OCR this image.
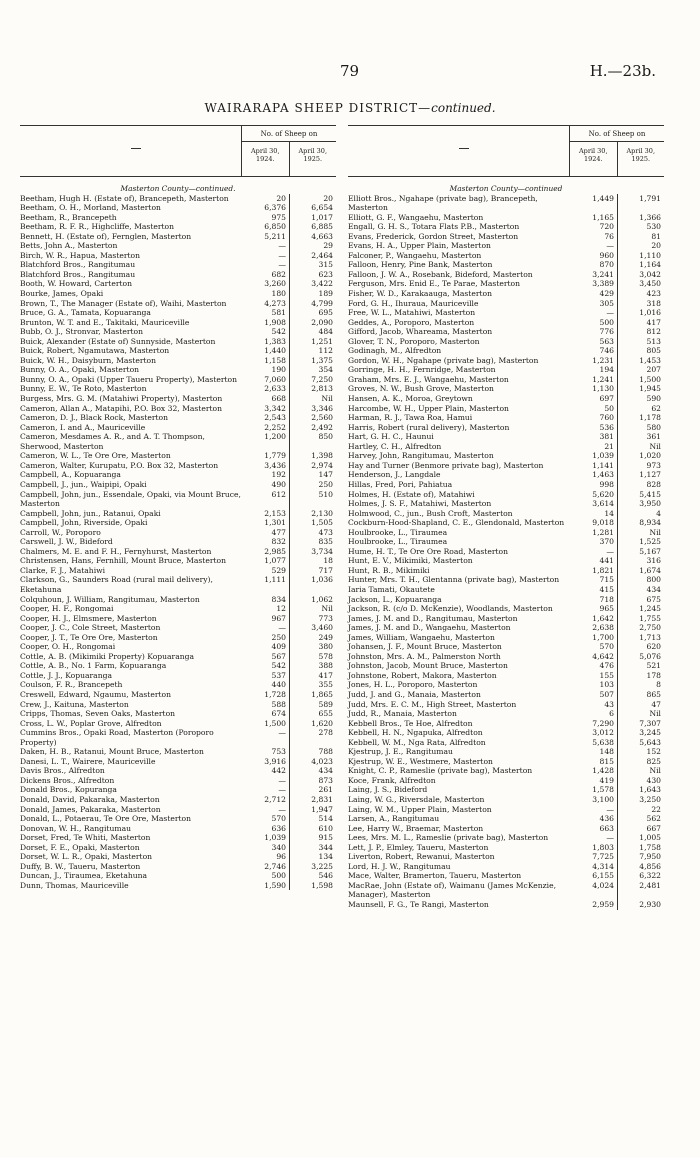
79	H.—23b.
WAIRARAPA SHEEP DISTRICT—continued.
No. of Sheep on
April 30, 1924.
April 30, 1925.
Masterton County—continued.
Beetham, Hugh H. (Estate of), Brancepeth, Masterton	20	20
Beetham, O. H., Morland, Masterton	6,376	6,654
Beetham, R., Brancepeth	975	1,017
Beetham, R. F. R., Highcliffe, Masterton	6,850	6,885
Bennett, H. (Estate of), Fernglen, Masterton	5,211	4,663
Betts, John A., Masterton	—	29
Birch, W. R., Hapua, Masterton	—	2,464
Blatchford Bros., Rangitumau	—	315
Blatchford Bros., Rangitumau	682	623
Booth, W. Howard, Carterton	3,260	3,422
Bourke, James, Opaki	180	189
Brown, T., The Manager (Estate of), Waihi, Masterton	4,273	4,799
Bruce, G. A., Tamata, Kopuaranga	581	695
Brunton, W. T. and E., Takitaki, Mauriceville	1,908	2,090
Bubb, O. J., Stronvar, Masterton	542	484
Buick, Alexander (Estate of) Sunnyside, Masterton	1,383	1,251
Buick, Robert, Ngamutawa, Masterton	1,440	112
Buick, W. H., Daisyburn, Masterton	1,158	1,375
Bunny, O. A., Opaki, Masterton	190	354
Bunny, O. A., Opaki (Upper Taueru Property), Masterton	7,060	7,250
Bunny, E. W., Te Roto, Masterton	2,633	2,813
Burgess, Mrs. G. M. (Matahiwi Property), Masterton	668	Nil
Cameron, Allan A., Matapihi, P.O. Box 32, Masterton	3,342	3,346
Cameron, D. J., Black Rock, Masterton	2,543	2,560
Cameron, I. and A., Mauriceville	2,252	2,492
Cameron, Mesdames A. R., and A. T. Thompson, Sherwood, Masterton
1,200	850
Cameron, W. L., Te Ore Ore, Masterton	1,779	1,398
Cameron, Walter, Kurupatu, P.O. Box 32, Masterton	3,436	2,974
Campbell, A., Kopuaranga	192	147
Campbell, J., jun., Waipipi, Opaki	490	250
Campbell, John, jun., Essendale, Opaki, via Mount Bruce, Masterton
612	510
Campbell, John, jun., Ratanui, Opaki	2,153	2,130
Campbell, John, Riverside, Opaki	1,301	1,505
Carroll, W., Poroporo	477	473
Carswell, J. W., Bideford	832	835
Chalmers, M. E. and F. H., Fernyhurst, Masterton	2,985	3,734
Christensen, Hans, Fernhill, Mount Bruce, Masterton	1,077	18
Clarke, F. J., Matahiwi	529	717
Clarkson, G., Saunders Road (rural mail delivery), Eketahuna
1,111	1,036
Colquhoun, J. William, Rangitumau, Masterton	834	1,062
Cooper, H. F., Rongomai	12	Nil
Cooper, H. J., Elmsmere, Masterton	967	773
Cooper, J. C., Cole Street, Masterton	—	3,460
Cooper, J. T., Te Ore Ore, Masterton	250	249
Cooper, O. H., Rongomai	409	380
Cottle, A. B. (Mikimiki Property) Kopuaranga	567	578
Cottle, A. B., No. 1 Farm, Kopuaranga	542	388
Cottle, J. J., Kopuaranga	537	417
Coulson, F. R., Brancepeth	440	355
Creswell, Edward, Ngaumu, Masterton	1,728	1,865
Crew, J., Kaituna, Masterton	588	589
Cripps, Thomas, Seven Oaks, Masterton	674	655
Cross, L. W., Poplar Grove, Alfredton	1,500	1,620
Cummins Bros., Opaki Road, Masterton (Poroporo Property)
—	278
Daken, H. B., Ratanui, Mount Bruce, Masterton	753	788
Danesi, L. T., Wairere, Mauriceville	3,916	4,023
Davis Bros., Alfredton	442	434
Dickens Bros., Alfredton	—	873
Donald Bros., Kopuranga	—	261
Donald, David, Pakaraka, Masterton	2,712	2,831
Donald, James, Pakaraka, Masterton	—	1,947
Donald, L., Potaerau, Te Ore Ore, Masterton	570	514
Donovan, W. H., Rangitumau	636	610
Dorset, Fred, Te Whiti, Masterton	1,039	915
Dorset, F. E., Opaki, Masterton	340	344
Dorset, W. L. R., Opaki, Masterton	96	134
Duffy, B. W., Taueru, Masterton	2,746	3,225
Duncan, J., Tiraumea, Eketahuna	500	546
Dunn, Thomas, Mauriceville	1,590	1,598
No. of Sheep on
April 30, 1924.
April 30, 1925.
Masterton County—continued
Elliott Bros., Ngahape (private bag), Brancepeth, Masterton
1,449	1,791
Elliott, G. F., Wangaehu, Masterton	1,165	1,366
Engall, G. H. S., Totara Flats P.B., Masterton	720	530
Evans, Frederick, Gordon Street, Masterton	76	81
Evans, H. A., Upper Plain, Masterton	—	20
Falconer, P., Wangaehu, Masterton	960	1,110
Falloon, Henry, Pine Bank, Masterton	870	1,164
Falloon, J. W. A., Rosebank, Bideford, Masterton	3,241	3,042
Ferguson, Mrs. Enid E., Te Parae, Masterton	3,389	3,450
Fisher, W. D., Karakaauga, Masterton	429	423
Ford, G. H., Ihuraua, Mauriceville	305	318
Free, W. L., Matahiwi, Masterton	—	1,016
Geddes, A., Poroporo, Masterton	500	417
Gifford, Jacob, Whareama, Masterton	776	812
Glover, T. N., Poroporo, Masterton	563	513
Godinagh, M., Alfredton	746	805
Gordon, W. H., Ngahape (private bag), Masterton	1,231	1,453
Gorringe, H. H., Fernridge, Masterton	194	207
Graham, Mrs. E. J., Wangaehu, Masterton	1,241	1,500
Groves, N. W., Bush Grove, Masterton	1,130	1,945
Hansen, A. K., Moroa, Greytown	697	590
Harcombe, W. H., Upper Plain, Masterton	50	62
Harman, R. J., Tawa Roa, Hamui	760	1,178
Harris, Robert (rural delivery), Masterton	536	580
Hart, G. H. C., Haunui	381	361
Hartley, C. H., Alfredton	21	Nil
Harvey, John, Rangitumau, Masterton	1,039	1,020
Hay and Turner (Benmore private bag), Masterton	1,141	973
Henderson, J., Langdale	1,463	1,127
Hillas, Fred, Pori, Pahiatua	998	828
Holmes, H. (Estate of), Matahiwi	5,620	5,415
Holmes, J. S. F., Matahiwi, Masterton	3,614	3,950
Holmwood, C., jun., Bush Croft, Masterton	14	4
Cockburn-Hood-Shapland, C. E., Glendonald, Masterton	9,018	8,934
Houlbrooke, L., Tiraumea	1,281	Nil
Houlbrooke, L., Tiraumea	370	1,525
Hume, H. T., Te Ore Ore Road, Masterton	—	5,167
Hunt, E. V., Mikimiki, Masterton	441	316
Hunt, R. B., Mikimiki	1,821	1,674
Hunter, Mrs. T. H., Glentanna (private bag), Masterton	715	800
Iaria Tamati, Okautete	415	434
Jackson, L., Kopuaranga	718	675
Jackson, R. (c/o D. McKenzie), Woodlands, Masterton	965	1,245
James, J. M. and D., Rangitumau, Masterton	1,642	1,755
James, J. M. and D., Wangaehu, Masterton	2,638	2,750
James, William, Wangaehu, Masterton	1,700	1,713
Johansen, J. F., Mount Bruce, Masterton	570	620
Johnston, Mrs. A. M., Palmerston North	4,642	5,076
Johnston, Jacob, Mount Bruce, Masterton	476	521
Johnstone, Robert, Makora, Masterton	155	178
Jones, H. L., Poroporo, Masterton	103	8
Judd, J. and G., Manaia, Masterton	507	865
Judd, Mrs. E. C. M., High Street, Masterton	43	47
Judd, R., Manaia, Masterton	6	Nil
Kebbell Bros., Te Hoe, Alfredton	7,290	7,307
Kebbell, H. N., Ngapuka, Alfredton	3,012	3,245
Kebbell, W. M., Nga Rata, Alfredton	5,638	5,643
Kjestrup, J. E., Rangitumau	148	152
Kjestrup, W. E., Westmere, Masterton	815	825
Knight, C. P., Rameslie (private bag), Masterton	1,428	Nil
Koce, Frank, Alfredton	419	430
Laing, J. S., Bideford	1,578	1,643
Laing, W. G., Riversdale, Masterton	3,100	3,250
Laing, W. M., Upper Plain, Masterton	—	22
Larsen, A., Rangitumau	436	562
Lee, Harry W., Braemar, Masterton	663	667
Lees, Mrs. M. L., Rameslie (private bag), Masterton	—	1,005
Lett, J. P., Elmley, Taueru, Masterton	1,803	1,758
Liverton, Robert, Rewanui, Masterton	7,725	7,950
Lord, H. J. W., Rangitumau	4,314	4,856
Mace, Walter, Bramerton, Taueru, Masterton	6,155	6,322
MacRae, John (Estate of), Waimanu (James McKenzie, Manager), Masterton
4,024	2,481
Maunsell, F. G., Te Rangi, Masterton	2,959	2,930
